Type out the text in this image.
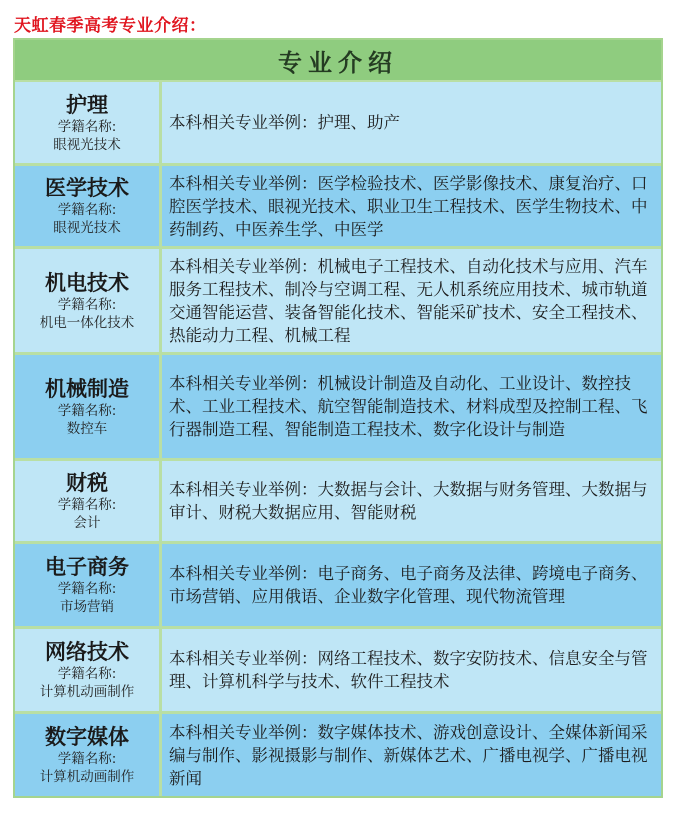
天虹春季高考专业介绍：
专业介绍
护理
学籍名称:
眼视光技术
本科相关专业举例：护理、助产
医学技术
学籍名称:
眼视光技术
本科相关专业举例：医学检验技术、医学影像技术、康复治疗、口腔医学技术、眼视光技术、职业卫生工程技术、医学生物技术、中药制药、中医养生学、中医学
机电技术
学籍名称:
机电一体化技术
本科相关专业举例：机械电子工程技术、自动化技术与应用、汽车服务工程技术、制冷与空调工程、无人机系统应用技术、城市轨道交通智能运营、装备智能化技术、智能采矿技术、安全工程技术、热能动力工程、机械工程
机械制造
学籍名称:
数控车
本科相关专业举例：机械设计制造及自动化、工业设计、数控技术、工业工程技术、航空智能制造技术、材料成型及控制工程、飞行器制造工程、智能制造工程技术、数字化设计与制造
财税
学籍名称:
会计
本科相关专业举例：大数据与会计、大数据与财务管理、大数据与审计、财税大数据应用、智能财税
电子商务
学籍名称:
市场营销
本科相关专业举例：电子商务、电子商务及法律、跨境电子商务、市场营销、应用俄语、企业数字化管理、现代物流管理
网络技术
学籍名称:
计算机动画制作
本科相关专业举例：网络工程技术、数字安防技术、信息安全与管理、计算机科学与技术、软件工程技术
数字媒体
学籍名称:
计算机动画制作
本科相关专业举例：数字媒体技术、游戏创意设计、全媒体新闻采编与制作、影视摄影与制作、新媒体艺术、广播电视学、广播电视新闻
